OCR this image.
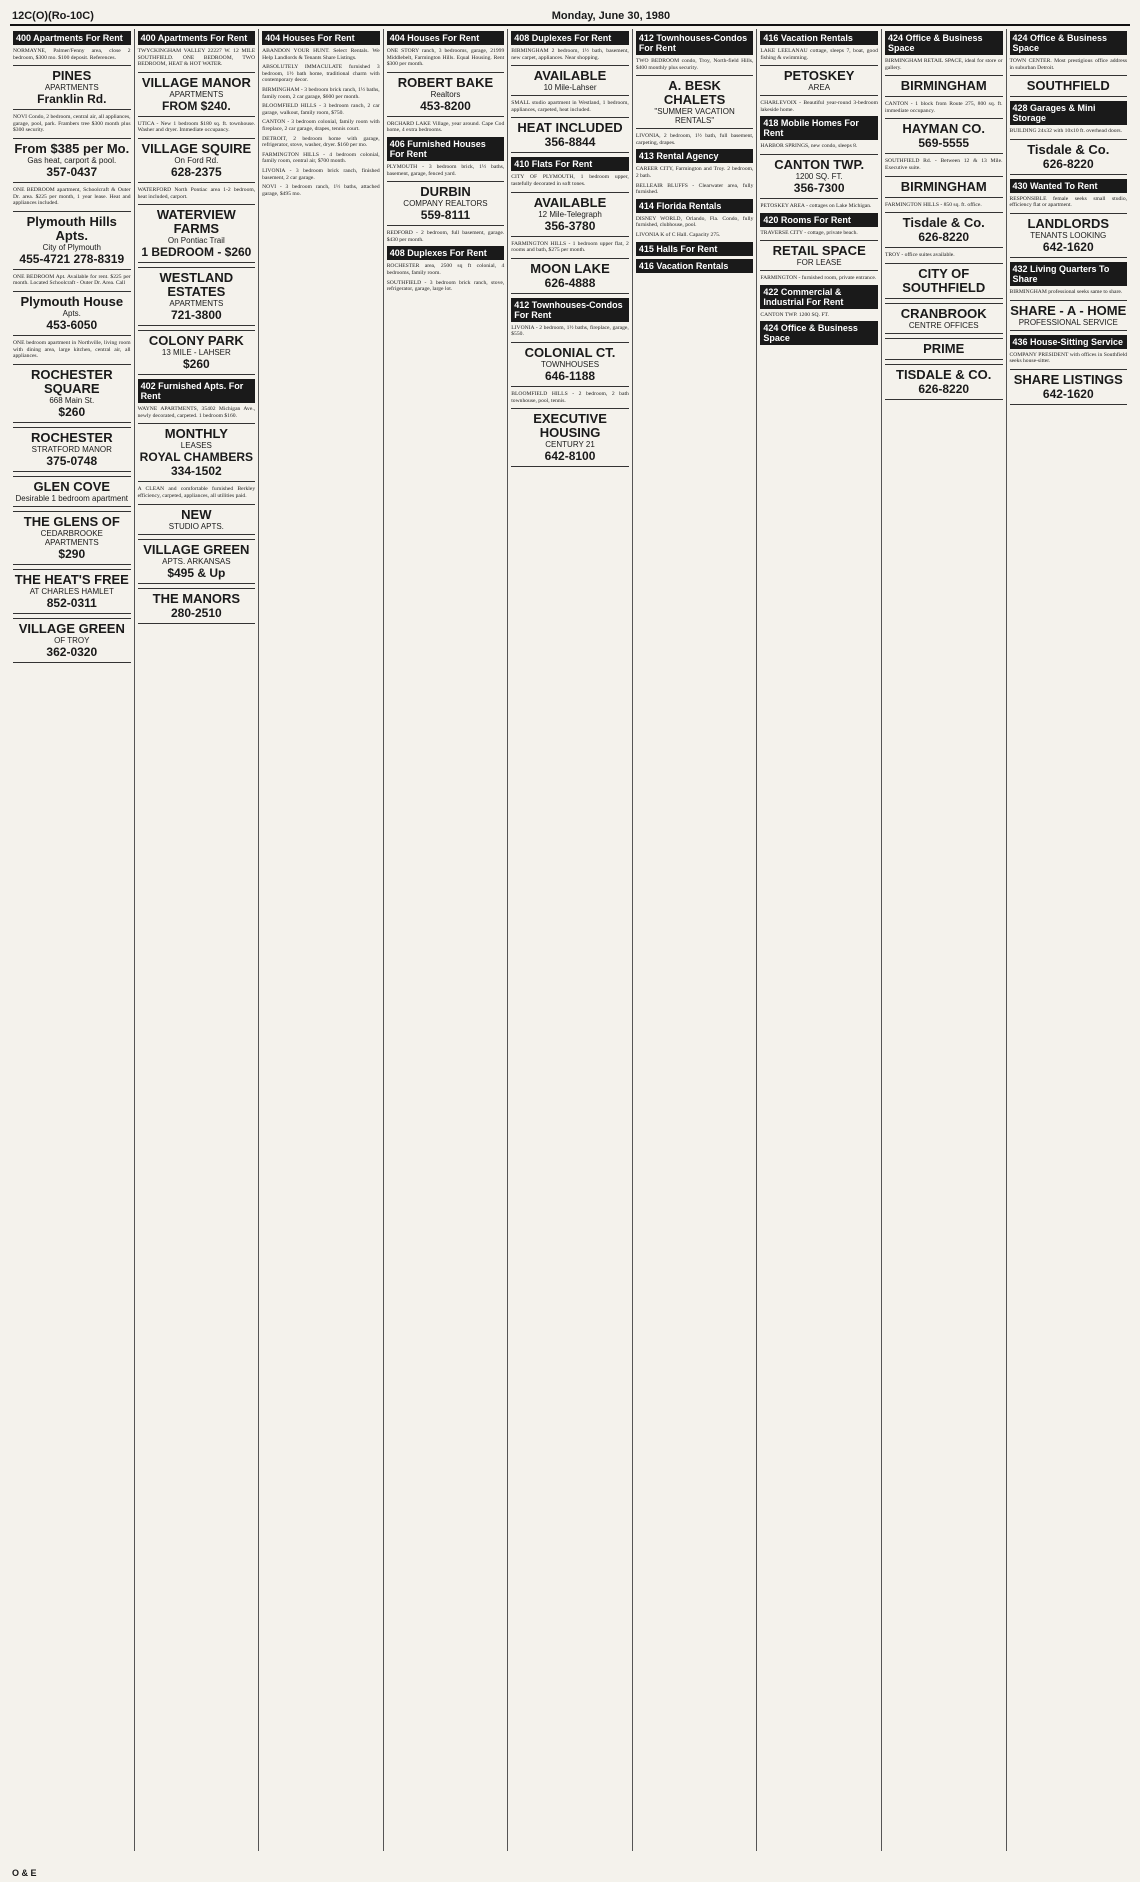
12C(O)(Ro-10C)	Monday, June 30, 1980
400 Apartments For Rent
NORMAYNE, Palmer/Fenny area, close 2 bedroom, $300 mo. $100 deposit. References.
PINES
APARTMENTS
Franklin Rd.
NOVI Condo, 2 bedroom, central air, all appliances, garage, pool, park. Frambers tree $300 month plus $300 security.
From $385 per Mo.
Gas heat, carport & pool.
357-0437
ONE BEDROOM apartment, Schoolcraft & Outer Dr. area. $225 per month, 1 year lease. Heat and appliances included.
Plymouth Hills Apts.
City of Plymouth
455-4721 278-8319
ONE BEDROOM Apt. Available for rent. $225 per month. Located Schoolcraft - Outer Dr. Area. Call
Plymouth House
Apts.
453-6050
ONE bedroom apartment in Northville, living room with dining area, large kitchen, central air, all appliances.
ROCHESTER SQUARE
668 Main St.
$260
ROCHESTER
STRATFORD MANOR
375-0748
GLEN COVE
Desirable 1 bedroom apartment
THE GLENS OF
CEDARBROOKE APARTMENTS
$290
THE HEAT'S FREE
AT CHARLES HAMLET
852-0311
VILLAGE GREEN
OF TROY
362-0320
400 Apartments For Rent
TWYCKINGHAM VALLEY 22227 W. 12 MILE SOUTHFIELD. ONE BEDROOM, TWO BEDROOM, HEAT & HOT WATER.
VILLAGE MANOR
APARTMENTS
FROM $240.
UTICA - New 1 bedroom $180 sq. ft. townhouse. Washer and dryer. Immediate occupancy.
VILLAGE SQUIRE
On Ford Rd.
628-2375
WATERFORD North Pontiac area 1-2 bedroom, heat included, carport.
WATERVIEW FARMS
On Pontiac Trail
1 BEDROOM - $260
WESTLAND ESTATES
APARTMENTS
721-3800
COLONY PARK
13 MILE - LAHSER
$260
402 Furnished Apts. For Rent
WAYNE APARTMENTS, 35402 Michigan Ave., newly decorated, carpeted. 1 bedroom $160.
MONTHLY
LEASES
ROYAL CHAMBERS 334-1502
A CLEAN and comfortable furnished Berkley efficiency, carpeted, appliances, all utilities paid.
NEW
STUDIO APTS.
VILLAGE GREEN
APTS. ARKANSAS
$495 & Up
THE MANORS
280-2510
404 Houses For Rent
ABANDON YOUR HUNT. Select Rentals. We Help Landlords & Tenants Share Listings.
ABSOLUTELY IMMACULATE furnished 3 bedroom, 1½ bath home, traditional charm with contemporary decor.
BIRMINGHAM - 3 bedroom brick ranch, 1½ baths, family room, 2 car garage, $600 per month.
BLOOMFIELD HILLS - 3 bedroom ranch, 2 car garage, walkout, family room, $750.
CANTON - 3 bedroom colonial, family room with fireplace, 2 car garage, drapes, tennis court.
DETROIT, 2 bedroom home with garage, refrigerator, stove, washer, dryer. $160 per mo.
FARMINGTON HILLS - 4 bedroom colonial, family room, central air, $700 month.
LIVONIA - 3 bedroom brick ranch, finished basement, 2 car garage.
NOVI - 3 bedroom ranch, 1½ baths, attached garage, $495 mo.
404 Houses For Rent
ONE STORY ranch, 3 bedrooms, garage, 21999 Middlebelt, Farmington Hills. Equal Housing. Rent $300 per month.
ROBERT BAKE
Realtors
453-8200
ORCHARD LAKE Village, year around. Cape Cod home, 4 extra bedrooms.
406 Furnished Houses For Rent
PLYMOUTH - 3 bedroom brick, 1½ baths, basement, garage, fenced yard.
DURBIN
COMPANY REALTORS
559-8111
REDFORD - 2 bedroom, full basement, garage. $430 per month.
408 Duplexes For Rent
ROCHESTER area, 2500 sq ft colonial, 4 bedrooms, family room.
SOUTHFIELD - 3 bedroom brick ranch, stove, refrigerator, garage, large lot.
408 Duplexes For Rent
BIRMINGHAM 2 bedroom, 1½ bath, basement, new carpet, appliances. Near shopping.
AVAILABLE
10 Mile-Lahser
SMALL studio apartment in Westland, 1 bedroom, appliances, carpeted, heat included.
HEAT INCLUDED
356-8844
410 Flats For Rent
CITY OF PLYMOUTH, 1 bedroom upper, tastefully decorated in soft tones.
AVAILABLE
12 Mile-Telegraph
356-3780
FARMINGTON HILLS - 1 bedroom upper flat, 2 rooms and bath, $275 per month.
MOON LAKE
626-4888
412 Townhouses-Condos For Rent
LIVONIA - 2 bedroom, 1½ baths, fireplace, garage, $550.
COLONIAL CT.
TOWNHOUSES
646-1188
BLOOMFIELD HILLS - 2 bedroom, 2 bath townhouse, pool, tennis.
EXECUTIVE HOUSING
CENTURY 21
642-8100
412 Townhouses-Condos For Rent
TWO BEDROOM condo, Troy, North-field Hills, $400 monthly plus security.
A. BESK CHALETS
"SUMMER VACATION RENTALS"
LIVONIA, 2 bedroom, 1½ bath, full basement, carpeting, drapes.
413 Rental Agency
CAREER CITY, Farmington and Troy. 2 bedroom, 2 bath.
BELLEAIR BLUFFS - Clearwater area, fully furnished.
414 Florida Rentals
DISNEY WORLD, Orlando, Fla. Condo, fully furnished, clubhouse, pool.
LIVONIA K of C Hall. Capacity 275.
415 Halls For Rent
416 Vacation Rentals
416 Vacation Rentals
LAKE LEELANAU cottage, sleeps 7, boat, good fishing & swimming.
PETOSKEY
AREA
CHARLEVOIX - Beautiful year-round 3-bedroom lakeside home.
418 Mobile Homes For Rent
HARBOR SPRINGS, new condo, sleeps 8.
CANTON TWP.
1200 SQ. FT.
356-7300
PETOSKEY AREA - cottages on Lake Michigan.
420 Rooms For Rent
TRAVERSE CITY - cottage, private beach.
RETAIL SPACE
FOR LEASE
FARMINGTON - furnished room, private entrance.
422 Commercial & Industrial For Rent
CANTON TWP. 1200 SQ. FT.
424 Office & Business Space
424 Office & Business Space
BIRMINGHAM RETAIL SPACE, ideal for store or gallery.
BIRMINGHAM
CANTON - 1 block from Route 275, 800 sq. ft. immediate occupancy.
HAYMAN CO.
569-5555
SOUTHFIELD Rd. - Between 12 & 13 Mile. Executive suite.
BIRMINGHAM
FARMINGTON HILLS - 850 sq. ft. office.
Tisdale & Co.
626-8220
TROY - office suites available.
CITY OF SOUTHFIELD
CRANBROOK
CENTRE OFFICES
PRIME
TISDALE & CO.
626-8220
424 Office & Business Space
TOWN CENTER. Most prestigious office address in suburban Detroit.
SOUTHFIELD
428 Garages & Mini Storage
BUILDING 24x32 with 10x10 ft. overhead doors.
Tisdale & Co.
626-8220
430 Wanted To Rent
RESPONSIBLE female seeks small studio, efficiency flat or apartment.
LANDLORDS
TENANTS LOOKING
642-1620
432 Living Quarters To Share
BIRMINGHAM professional seeks same to share.
SHARE - A - HOME
PROFESSIONAL SERVICE
436 House-Sitting Service
COMPANY PRESIDENT with offices in Southfield seeks house-sitter.
SHARE LISTINGS
642-1620
O & E
